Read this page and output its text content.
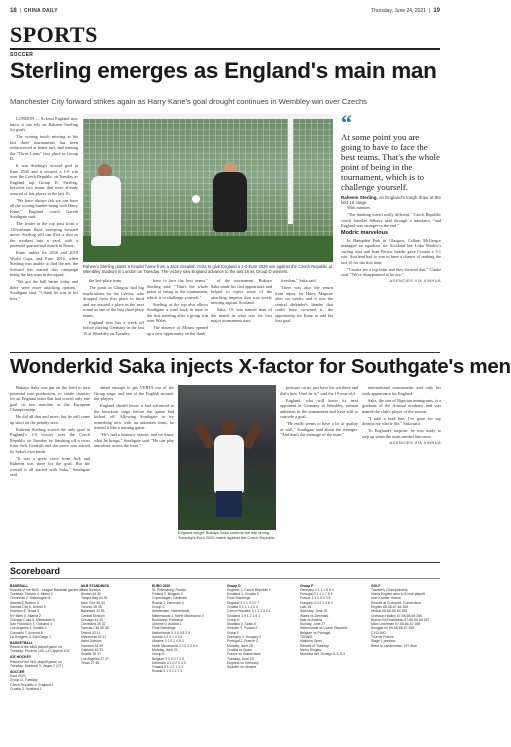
18 | CHINA DAILY	Thursday, June 24, 2021 | 19
SPORTS
SOCCER
Sterling emerges as England's main man
Manchester City forward strikes again as Harry Kane's goal drought continues in Wembley win over Czechs

LONDON — At least England now know it can rely on Raheem Sterling for goals.

The scoring touch missing at his last three tournaments has been rediscovered at home turf, and earning the "Three Lions" first place in Group D.

It was Sterling's second goal at Euro 2020 and it secured a 1-0 win over the Czech Republic on Tuesday as England top Group D. Sterling, between two teams that were already assured of last places in the last 16.

"We have always felt we can have all the scoring burden being with Harry Kane," England coach Gareth Southgate said.

The leader at the top post from a 12th-minute fluid, sweeping forward move, Sterling still can flick a shot as the weakest into a yard, with a potential quarterfinal match in Rome.

Kane, unlike for 2016 and 2018 World Cups, and Euro 2016, when Sterling was unable to find the net, the forward has started this campaign being the key man in the squad.

"We got the ball better today and there were more attacking options," Southgate said. "I think he was at his best."

Raheem Sterling plants a header home from a Jack Grealish cross to give England a 1-0 Euro 2020 win against the Czech Republic at Wembley Stadium in London on Tuesday. The victory saw England advance to the last 16 as Group D winners.

the last-place team.

The goals in Glasgow had big implications for the Czechs, who dropped from first place to third and are assured a place in the next round as one of the best third-place teams.

England now has a week off before playing Germany in the last 16 at Wembley on Tuesday.

have to face the best teams," Sterling said. "That's the whole point of being in the tournament, which is to challenge yourself."

Sterling, at the top also allows Southgate a road back in time to the first meeting after a group win over Wales.

The absence of Mount opened up a new opportunity on the flank.

of the tournament, Bukayo Saka made his first appearance and helped to inject some of the attacking impetus that was sorely missing against Scotland.

Saka, 19, was named man of the match in what was his first major tournament start.

freedom," Saka said.

There was also the return from injury for Harry Maguire after six weeks, and it was the central defender's header that could have crowned it, the opportunity for Kane to add his first goal.

“
At some point you are going to have to face the best teams. That's the whole point of being in the tournament, which is to challenge yourself.
Raheem Sterling, on England's tough draw at the last 16 stage

With minutes.

"The thinking wasn't really different," Czech Republic coach Jaroslav Silhavy said through a translator, "and England was stronger in the end."

Modric marvelous

In Hampden Park in Glasgow, Callum McGregor managed an equalizer for Scotland but Luka Modric's curling shot and Ivan Perisic header gave Croatia a 3-1 win. Scotland had to win to have a chance of making the last 16 for the first time.

"Croatia are a top team and they showed that," Clarke said. "We're disappointed to be out."

AGENCIES VIA XINHUA
Wonderkid Saka injects X-factor for Southgate's men

Bukayo Saka was put on the field to turn potential into production, to create chances for an England team that had scored only one goal in two matches at the European Championship.

He did all that and more, but he still came up short on the penalty area.

Raheem Sterling scored the only goal in England's 1-0 victory over the Czech Republic on Tuesday by finishing off a cross from Jack Grealish and the move was started by Saka's own break.

"It was a great cross from Jack and Raheem was there for the goal. But the overall it all started with Saka," Southgate said.

ahead enough to get VERTA out of the Group stage, and one of the English second-tier players.

England should know it had advanced to the knockout stage before the game had kicked off. Allowing Southgate to try something new with an unbeaten team, he treated it like a training game.

"He's had a fantastic season, and we know what he brings," Southgate said. "He can play anywhere across the front."

England winger Bukayo Saka controls the ball during Tuesday's Euro 2020 match against the Czech Republic.

pressure on us, just have his wit there and that's how I feel he is," said the 19-year-old.

England, who will know its next opponent in Germany at Wembley, remain unbeaten in the tournament and have still to concede a goal.

"He really seems to have a lot of quality as well," Southgate said about the teenager. "And that's the message of the team."

international tournaments and only his sixth appearance for England.

Saka, the son of Nigerian immigrants, is a graduate of the Arsenal academy and was named the club's player of the season.

"I take a lead line. I've gone for my dreams my whole life," Saka said.

To England's surprise, he was ready to step up when the team needed him most.

AGENCIES VIA XINHUA
Scoreboard
BASEBALL
Results of the MLB - League Baseball games on
Tuesday: Toronto 4, Miami 2
Cincinnati 2, Washington 8
Atlanta 8, Boston 3
Kansas City 6, Detroit 5
Houston 8, Texas 3
NY Mets 4, Atlanta 2
Chicago Cubs 6, Milwaukee 5
San Francisco 3, Oakland 4
Los Angeles 4, Seattle 2
Colorado 7, Arizona 8
LA Dodgers 3, San Diego 2
BASKETBALL
Result of the NBA playoff game on
Tuesday: Phoenix 104, LA Clippers 103
ICE HOCKEY
Result of the NHL playoff game on
Tuesday: Montreal 3, Vegas 2 (OT)
SOCCER
Euro 2020
Group D, Tuesday
Czech Republic 0, England 1
Croatia 3, Scotland 1
MLB STANDINGS
East Division
Boston 44 30
Tampa Bay 44 30
New York 38 34
Toronto 36 35
Baltimore 22 51
Central Division
Chicago 44 30
Cleveland 39 32
Kansas City 35 38
Detroit 33 41
Minnesota 32 41
West Division
Houston 44 30
Oakland 43 33
Seattle 39 37
Los Angeles 37 37
Texas 27 48
EURO 2020
St. Petersburg, Russia
Finland 0, Belgium 2
Copenhagen, Denmark
Russia 1, Denmark 4
Group C
Amsterdam, Netherlands
Netherlands 3, North Macedonia 0
Bucharest, Romania
Ukraine 0, Austria 1
Final Standings
Netherlands 3 3 0 0 8 2 9
Austria 3 2 0 1 4 3 6
Ukraine 3 1 0 2 4 5 3
North Macedonia 3 0 0 3 2 8 0
Monday, June 21
Group B
Belgium 3 3 0 0 7 1 9
Denmark 3 1 0 2 5 4 3
Finland 3 1 0 2 1 3 3
Russia 3 1 0 2 2 7 3
Group D
England 1, Czech Republic 0
Scotland 1, Croatia 3
Final Standings
England 3 2 1 0 2 0 7
Croatia 3 1 1 1 4 3 4
Czech Republic 3 1 1 1 3 2 4
Scotland 3 0 1 2 1 5 1
Group E
Slovakia 0, Spain 5
Sweden 3, Poland 2
Group F
Germany 2, Hungary 2
Portugal 2, France 2
Monday, June 28
Croatia vs Spain
France vs Switzerland
Tuesday, June 29
England vs Germany
Sweden vs Ukraine
Group F
Germany 3 1 1 1 6 5 4
Portugal 3 1 1 1 7 6 4
France 3 1 2 0 4 3 5
Hungary 3 0 2 1 3 6 2
Last 16
Saturday, June 26
Wales vs Denmark
Italy vs Austria
Sunday, June 27
Netherlands vs Czech Republic
Belgium vs Portugal
TENNIS
Mallorca Open
Results of Tuesday
Men's Singles
Nishioka def. Sonego 6-3, 6-3
GOLF
Travelers Championship
Harris English wins in 8-hole playoff
over Kramer Hickok
Results at Cromwell, Connecticut
English 68-66-67-64 265
Hickok 68-68-65-64 265
Chesson Hadley 67-68-66-65 266
Bryson DeChambeau 67-66-66-68 267
Marc Leishman 67-68-66-67 268
Sungjae Im 69-65-68-67 269
CYCLING
Tour de France
Stage 1 preview
Brest to Landerneau, 197.8km
